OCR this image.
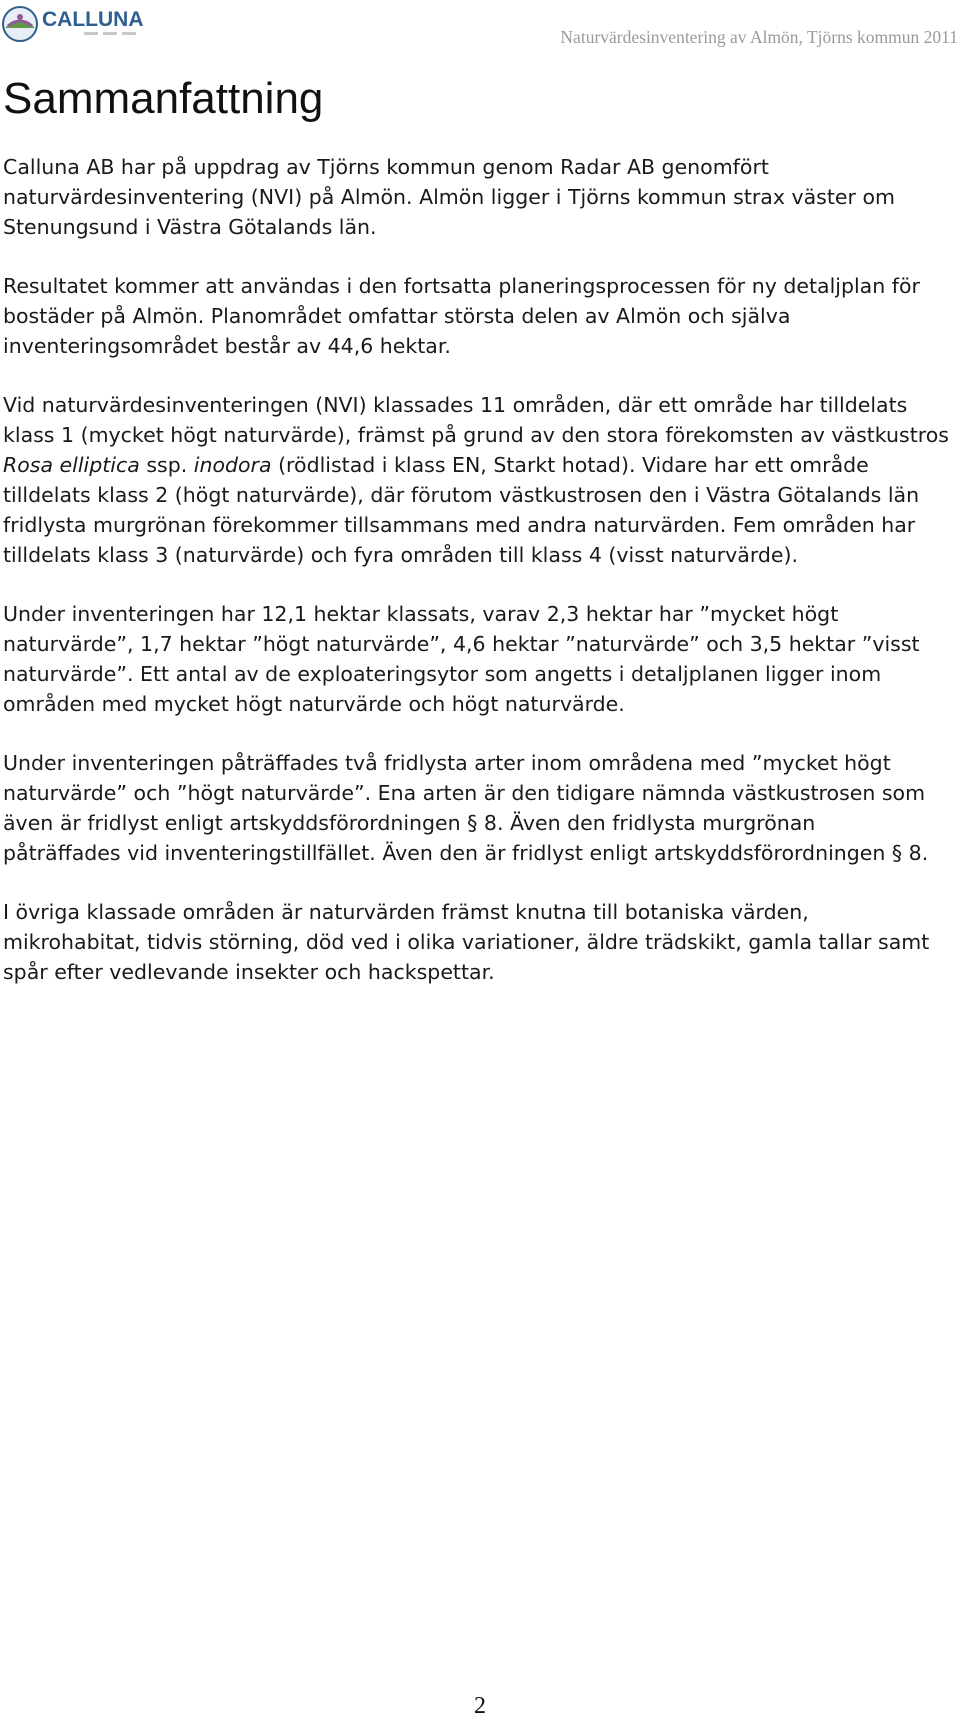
CALLUNA
Naturvärdesinventering av Almön, Tjörns kommun 2011
Sammanfattning

Calluna AB har på uppdrag av Tjörns kommun genom Radar AB genomfört
naturvärdesinventering (NVI) på Almön. Almön ligger i Tjörns kommun strax väster om
Stenungsund i Västra Götalands län.

Resultatet kommer att användas i den fortsatta planeringsprocessen för ny detaljplan för
bostäder på Almön. Planområdet omfattar största delen av Almön och själva
inventeringsområdet består av 44,6 hektar.

Vid naturvärdesinventeringen (NVI) klassades 11 områden, där ett område har tilldelats
klass 1 (mycket högt naturvärde), främst på grund av den stora förekomsten av västkustros
Rosa elliptica ssp. inodora (rödlistad i klass EN, Starkt hotad). Vidare har ett område
tilldelats klass 2 (högt naturvärde), där förutom västkustrosen den i Västra Götalands län
fridlysta murgrönan förekommer tillsammans med andra naturvärden. Fem områden har
tilldelats klass 3 (naturvärde) och fyra områden till klass 4 (visst naturvärde).

Under inventeringen har 12,1 hektar klassats, varav 2,3 hektar har ”mycket högt
naturvärde”, 1,7 hektar ”högt naturvärde”, 4,6 hektar ”naturvärde” och 3,5 hektar ”visst
naturvärde”. Ett antal av de exploateringsytor som angetts i detaljplanen ligger inom
områden med mycket högt naturvärde och högt naturvärde.

Under inventeringen påträffades två fridlysta arter inom områdena med ”mycket högt
naturvärde” och ”högt naturvärde”. Ena arten är den tidigare nämnda västkustrosen som
även är fridlyst enligt artskyddsförordningen § 8. Även den fridlysta murgrönan
påträffades vid inventeringstillfället. Även den är fridlyst enligt artskyddsförordningen § 8.

I övriga klassade områden är naturvärden främst knutna till botaniska värden,
mikrohabitat, tidvis störning, död ved i olika variationer, äldre trädskikt, gamla tallar samt
spår efter vedlevande insekter och hackspettar.

2
